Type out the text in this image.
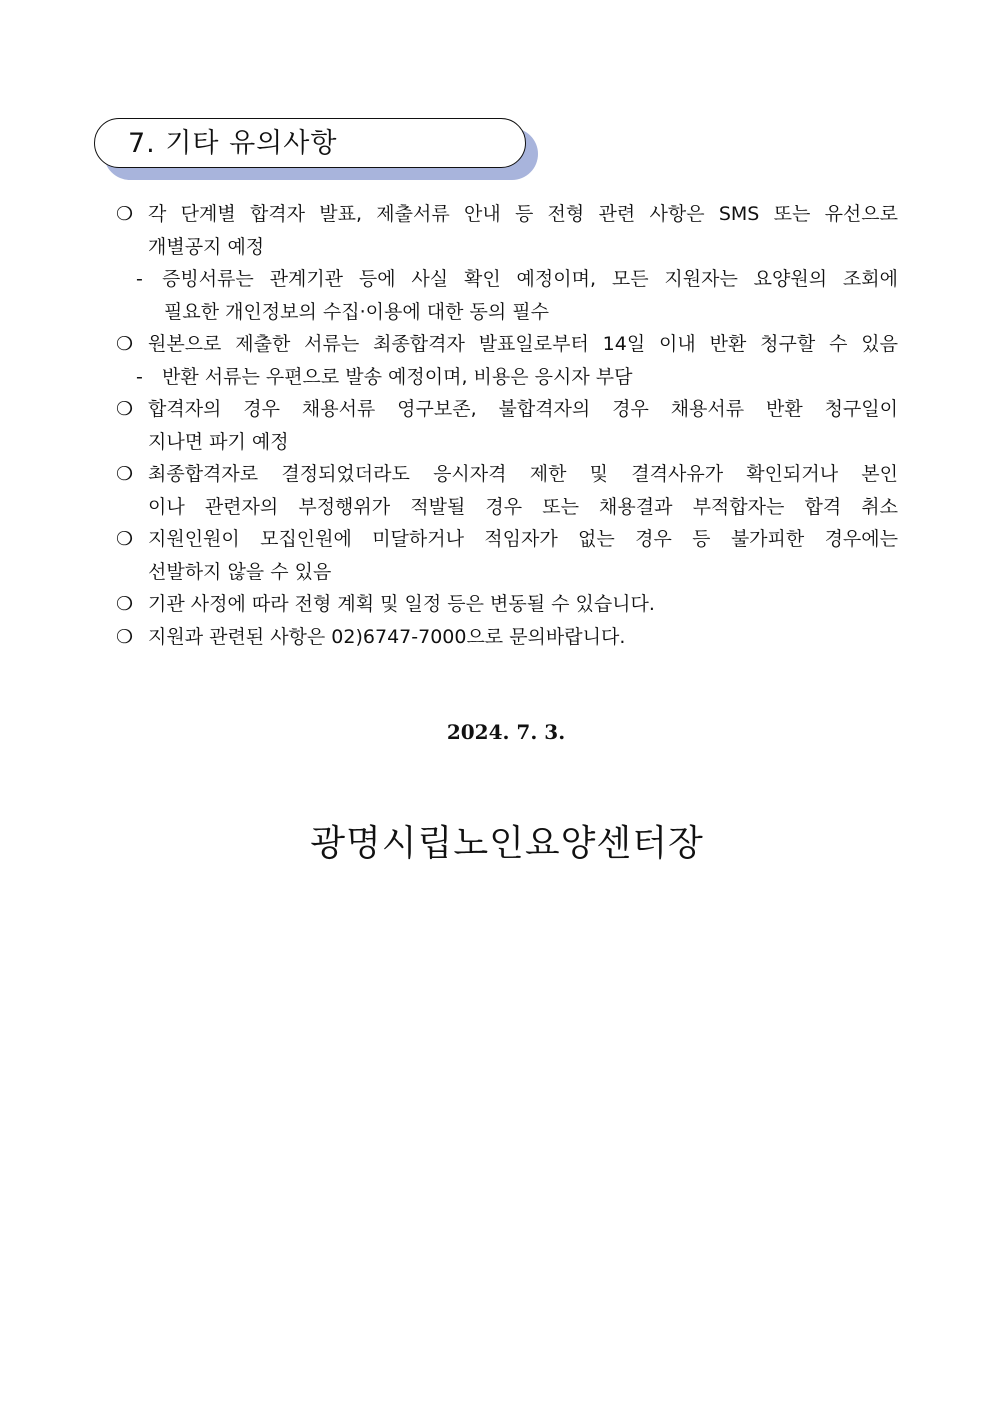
7. 기타 유의사항
❍ 각 단계별 합격자 발표, 제출서류 안내 등 전형 관련 사항은 SMS 또는 유선으로
개별공지 예정
- 증빙서류는 관계기관 등에 사실 확인 예정이며, 모든 지원자는 요양원의 조회에
필요한 개인정보의 수집·이용에 대한 동의 필수
❍ 원본으로 제출한 서류는 최종합격자 발표일로부터 14일 이내 반환 청구할 수 있음
- 반환 서류는 우편으로 발송 예정이며, 비용은 응시자 부담
❍ 합격자의 경우 채용서류 영구보존, 불합격자의 경우 채용서류 반환 청구일이
지나면 파기 예정
❍ 최종합격자로 결정되었더라도 응시자격 제한 및 결격사유가 확인되거나 본인
이나 관련자의 부정행위가 적발될 경우 또는 채용결과 부적합자는 합격 취소
❍ 지원인원이 모집인원에 미달하거나 적임자가 없는 경우 등 불가피한 경우에는
선발하지 않을 수 있음
❍ 기관 사정에 따라 전형 계획 및 일정 등은 변동될 수 있습니다.
❍ 지원과 관련된 사항은 02)6747-7000으로 문의바랍니다.
2024. 7. 3.
광명시립노인요양센터장
